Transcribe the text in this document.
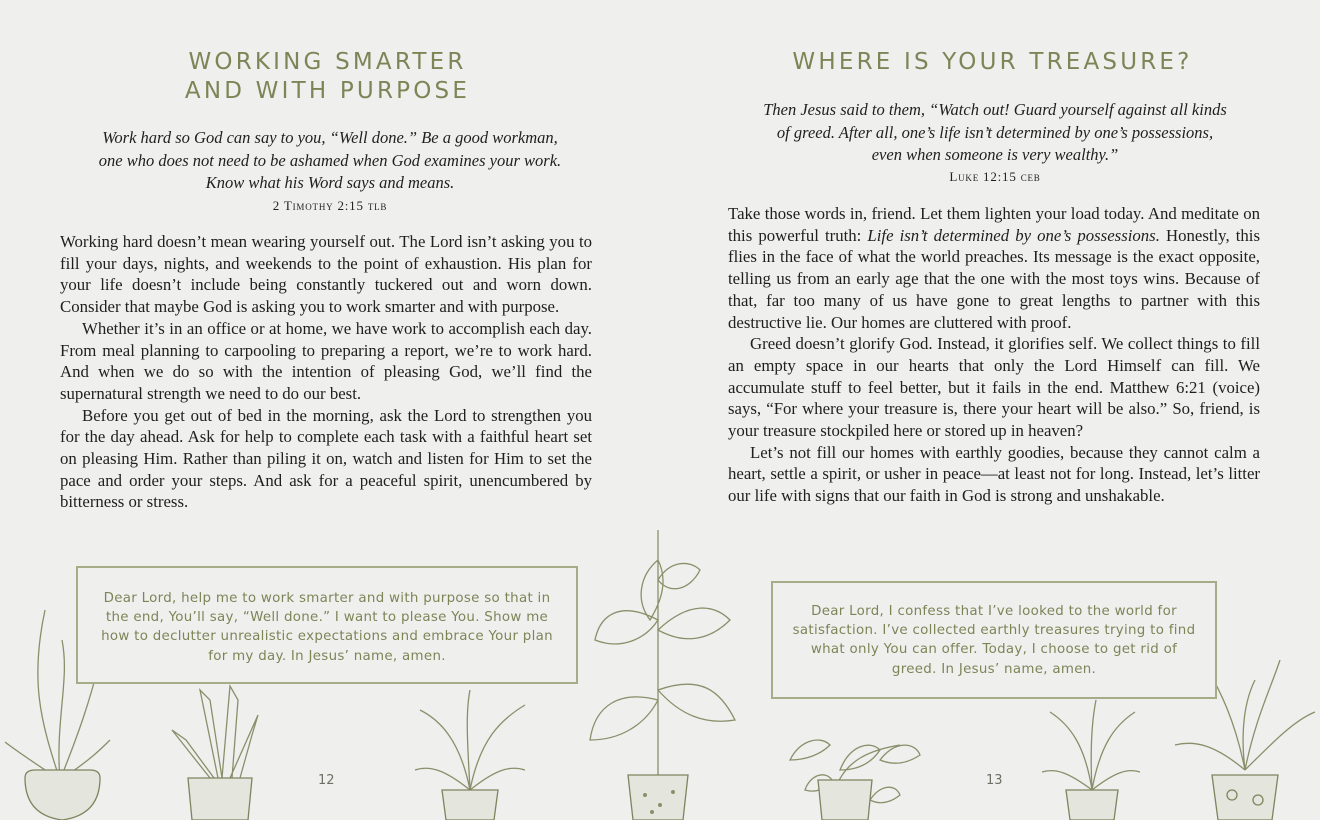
WORKING SMARTER
AND WITH PURPOSE
Work hard so God can say to you, “Well done.” Be a good workman, one who does not need to be ashamed when God examines your work. Know what his Word says and means.
2 Timothy 2:15 tlb

Working hard doesn’t mean wearing yourself out. The Lord isn’t asking you to fill your days, nights, and weekends to the point of exhaustion. His plan for your life doesn’t include being constantly tuckered out and worn down. Consider that maybe God is asking you to work smarter and with purpose.

Whether it’s in an office or at home, we have work to accomplish each day. From meal planning to carpooling to preparing a report, we’re to work hard. And when we do so with the intention of pleasing God, we’ll find the supernatural strength we need to do our best.

Before you get out of bed in the morning, ask the Lord to strengthen you for the day ahead. Ask for help to complete each task with a faithful heart set on pleasing Him. Rather than piling it on, watch and listen for Him to set the pace and order your steps. And ask for a peaceful spirit, unencumbered by bitterness or stress.

Dear Lord, help me to work smarter and with purpose so that in the end, You’ll say, “Well done.” I want to please You. Show me how to declutter unrealistic expectations and embrace Your plan for my day. In Jesus’ name, amen.
12
WHERE IS YOUR TREASURE?
Then Jesus said to them, “Watch out! Guard yourself against all kinds of greed. After all, one’s life isn’t determined by one’s possessions, even when someone is very wealthy.”
Luke 12:15 ceb

Take those words in, friend. Let them lighten your load today. And meditate on this powerful truth: Life isn’t determined by one’s possessions. Honestly, this flies in the face of what the world preaches. Its message is the exact opposite, telling us from an early age that the one with the most toys wins. Because of that, far too many of us have gone to great lengths to partner with this destructive lie. Our homes are cluttered with proof.

Greed doesn’t glorify God. Instead, it glorifies self. We collect things to fill an empty space in our hearts that only the Lord Himself can fill. We accumulate stuff to feel better, but it fails in the end. Matthew 6:21 (voice) says, “For where your treasure is, there your heart will be also.” So, friend, is your treasure stockpiled here or stored up in heaven?

Let’s not fill our homes with earthly goodies, because they cannot calm a heart, settle a spirit, or usher in peace—at least not for long. Instead, let’s litter our life with signs that our faith in God is strong and unshakable.

Dear Lord, I confess that I’ve looked to the world for satisfaction. I’ve collected earthly treasures trying to find what only You can offer. Today, I choose to get rid of greed. In Jesus’ name, amen.
13
